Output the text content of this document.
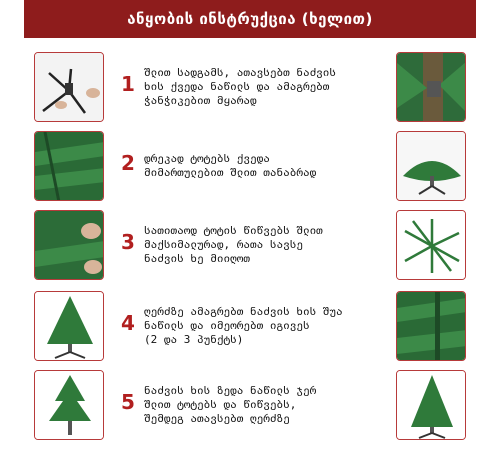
ანყობის ინსტრუქცია (ხელით)
1 შლით სადგამს, ათავსებთ ნაძვის
ხის ქვედა ნაწილს და ამაგრებთ
ჭანჭიკებით მყარად
2 დრეკად ტოტებს ქვედა
მიმართულებით შლით თანაბრად
3 სათითაოდ ტოტის წიწვებს შლით
მაქსიმალურად, რათა სავსე
ნაძვის ხე მიიღოთ
4 ღერძზე ამაგრებთ ნაძვის ხის შუა
ნაწილს და იმეორებთ იგივეს
(2 და 3 პუნქტს)
5 ნაძვის ხის ზედა ნაწილს ჯერ
შლით ტოტებს და წიწვებს,
შემდეგ ათავსებთ ღერძზე
